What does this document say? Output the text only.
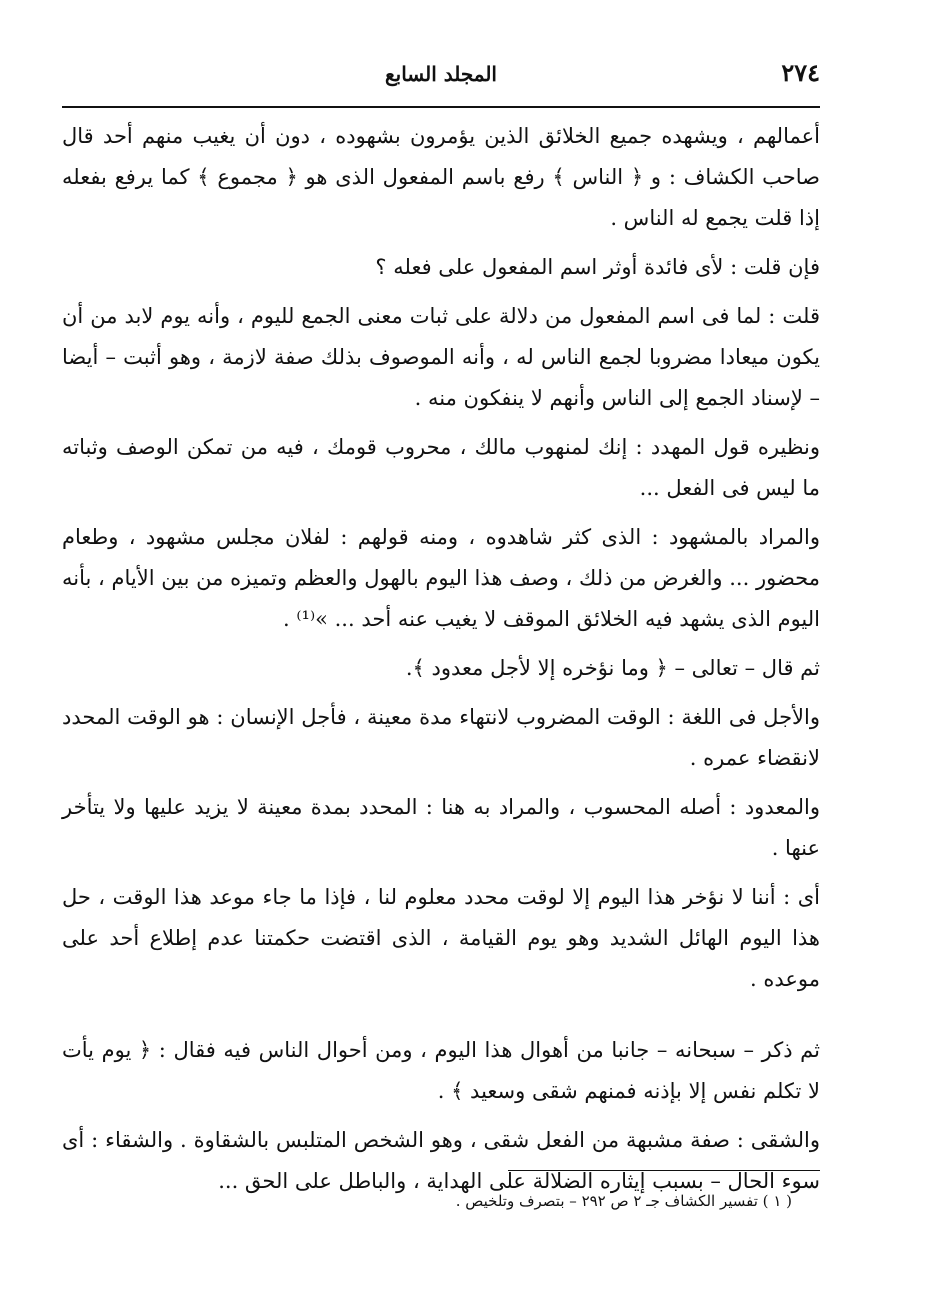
٢٧٤
المجلد السابع

أعمالهم ، ويشهده جميع الخلائق الذين يؤمرون بشهوده ، دون أن يغيب منهم أحد قال صاحب الكشاف : و ﴿ الناس ﴾ رفع باسم المفعول الذى هو ﴿ مجموع ﴾ كما يرفع بفعله إذا قلت يجمع له الناس .

فإن قلت : لأى فائدة أوثر اسم المفعول على فعله ؟

قلت : لما فى اسم المفعول من دلالة على ثبات معنى الجمع لليوم ، وأنه يوم لابد من أن يكون ميعادا مضروبا لجمع الناس له ، وأنه الموصوف بذلك صفة لازمة ، وهو أثبت – أيضا – لإسناد الجمع إلى الناس وأنهم لا ينفكون منه .

ونظيره قول المهدد : إنك لمنهوب مالك ، محروب قومك ، فيه من تمكن الوصف وثباته ما ليس فى الفعل ...

والمراد بالمشهود : الذى كثر شاهدوه ، ومنه قولهم : لفلان مجلس مشهود ، وطعام محضور ... والغرض من ذلك ، وصف هذا اليوم بالهول والعظم وتميزه من بين الأيام ، بأنه اليوم الذى يشهد فيه الخلائق الموقف لا يغيب عنه أحد ... »⁽¹⁾ .

ثم قال – تعالى – ﴿ وما نؤخره إلا لأجل معدود ﴾.

والأجل فى اللغة : الوقت المضروب لانتهاء مدة معينة ، فأجل الإنسان : هو الوقت المحدد لانقضاء عمره .

والمعدود : أصله المحسوب ، والمراد به هنا : المحدد بمدة معينة لا يزيد عليها ولا يتأخر عنها .

أى : أننا لا نؤخر هذا اليوم إلا لوقت محدد معلوم لنا ، فإذا ما جاء موعد هذا الوقت ، حل هذا اليوم الهائل الشديد وهو يوم القيامة ، الذى اقتضت حكمتنا عدم إطلاع أحد على موعده .

ثم ذكر – سبحانه – جانبا من أهوال هذا اليوم ، ومن أحوال الناس فيه فقال : ﴿ يوم يأت لا تكلم نفس إلا بإذنه فمنهم شقى وسعيد ﴾ .

والشقى : صفة مشبهة من الفعل شقى ، وهو الشخص المتلبس بالشقاوة . والشقاء : أى سوء الحال – بسبب إيثاره الضلالة على الهداية ، والباطل على الحق ...

( ١ ) تفسير الكشاف جـ ٢ ص ٢٩٢ – بتصرف وتلخيص .
